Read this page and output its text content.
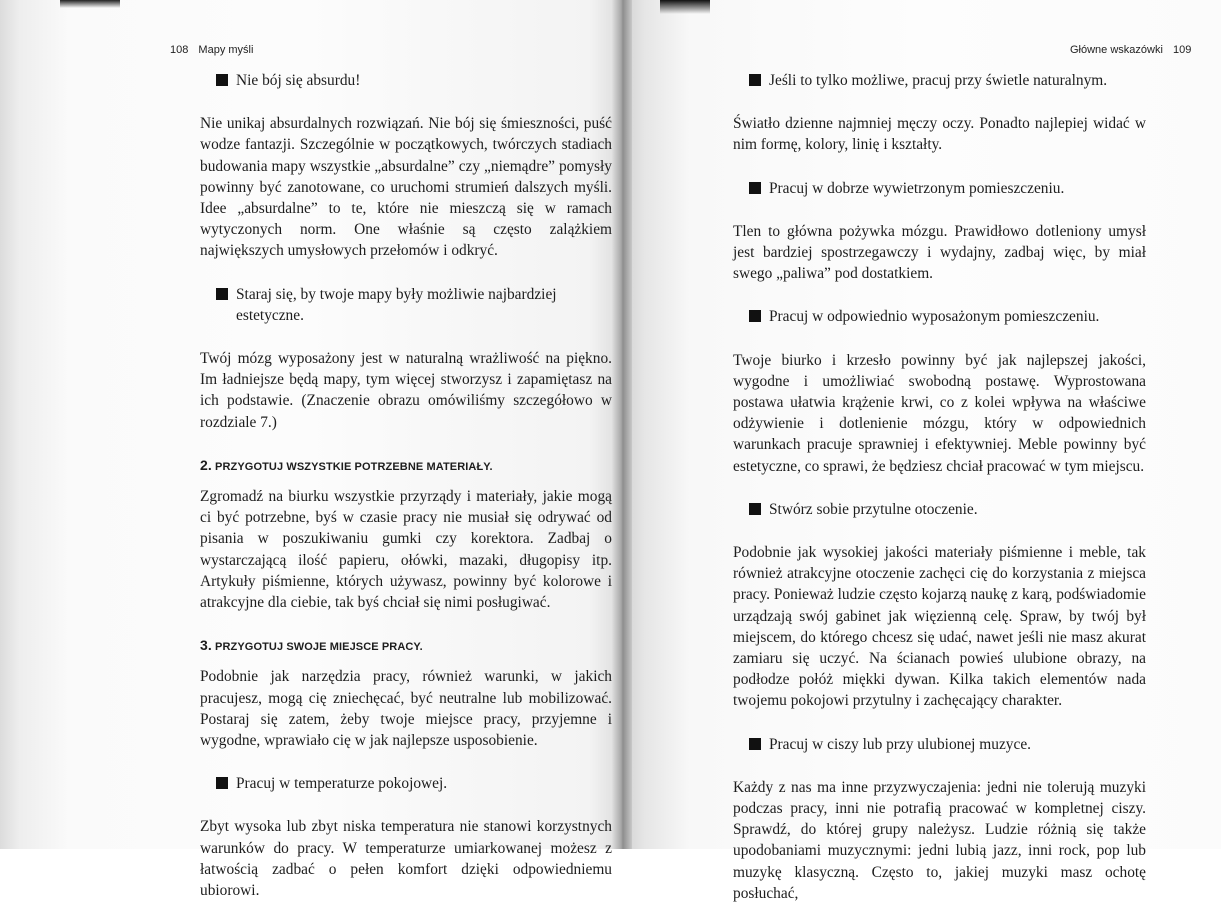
108 Mapy myśli	Główne wskazówki 109
Nie bój się absurdu!

Nie unikaj absurdalnych rozwiązań. Nie bój się śmieszności, puść wodze fantazji. Szczególnie w początkowych, twórczych stadiach budowania mapy wszystkie „absurdalne” czy „niemądre” pomysły powinny być zanotowane, co uruchomi strumień dalszych myśli. Idee „absurdalne” to te, które nie mieszczą się w ramach wytyczonych norm. One właśnie są często zalążkiem największych umysłowych przełomów i odkryć.

Staraj się, by twoje mapy były możliwie najbardziej estetyczne.

Twój mózg wyposażony jest w naturalną wrażliwość na piękno. Im ładniejsze będą mapy, tym więcej stworzysz i zapamiętasz na ich podstawie. (Znaczenie obrazu omówiliśmy szczegółowo w rozdziale 7.)

2. PRZYGOTUJ WSZYSTKIE POTRZEBNE MATERIAŁY.

Zgromadź na biurku wszystkie przyrządy i materiały, jakie mogą ci być potrzebne, byś w czasie pracy nie musiał się odrywać od pisania w poszukiwaniu gumki czy korektora. Zadbaj o wystarczającą ilość papieru, ołówki, mazaki, długopisy itp. Artykuły piśmienne, których używasz, powinny być kolorowe i atrakcyjne dla ciebie, tak byś chciał się nimi posługiwać.

3. PRZYGOTUJ SWOJE MIEJSCE PRACY.

Podobnie jak narzędzia pracy, również warunki, w jakich pracujesz, mogą cię zniechęcać, być neutralne lub mobilizować. Postaraj się zatem, żeby twoje miejsce pracy, przyjemne i wygodne, wprawiało cię w jak najlepsze usposobienie.

Pracuj w temperaturze pokojowej.

Zbyt wysoka lub zbyt niska temperatura nie stanowi korzystnych warunków do pracy. W temperaturze umiarkowanej możesz z łatwością zadbać o pełen komfort dzięki odpowiedniemu ubiorowi.

Jeśli to tylko możliwe, pracuj przy świetle naturalnym.

Światło dzienne najmniej męczy oczy. Ponadto najlepiej widać w nim formę, kolory, linię i kształty.

Pracuj w dobrze wywietrzonym pomieszczeniu.

Tlen to główna pożywka mózgu. Prawidłowo dotleniony umysł jest bardziej spostrzegawczy i wydajny, zadbaj więc, by miał swego „paliwa” pod dostatkiem.

Pracuj w odpowiednio wyposażonym pomieszczeniu.

Twoje biurko i krzesło powinny być jak najlepszej jakości, wygodne i umożliwiać swobodną postawę. Wyprostowana postawa ułatwia krążenie krwi, co z kolei wpływa na właściwe odżywienie i dotlenienie mózgu, który w odpowiednich warunkach pracuje sprawniej i efektywniej. Meble powinny być estetyczne, co sprawi, że będziesz chciał pracować w tym miejscu.

Stwórz sobie przytulne otoczenie.

Podobnie jak wysokiej jakości materiały piśmienne i meble, tak również atrakcyjne otoczenie zachęci cię do korzystania z miejsca pracy. Ponieważ ludzie często kojarzą naukę z karą, podświadomie urządzają swój gabinet jak więzienną celę. Spraw, by twój był miejscem, do którego chcesz się udać, nawet jeśli nie masz akurat zamiaru się uczyć. Na ścianach powieś ulubione obrazy, na podłodze połóż miękki dywan. Kilka takich elementów nada twojemu pokojowi przytulny i zachęcający charakter.

Pracuj w ciszy lub przy ulubionej muzyce.

Każdy z nas ma inne przyzwyczajenia: jedni nie tolerują muzyki podczas pracy, inni nie potrafią pracować w kompletnej ciszy. Sprawdź, do której grupy należysz. Ludzie różnią się także upodobaniami muzycznymi: jedni lubią jazz, inni rock, pop lub muzykę klasyczną. Często to, jakiej muzyki masz ochotę posłuchać,
